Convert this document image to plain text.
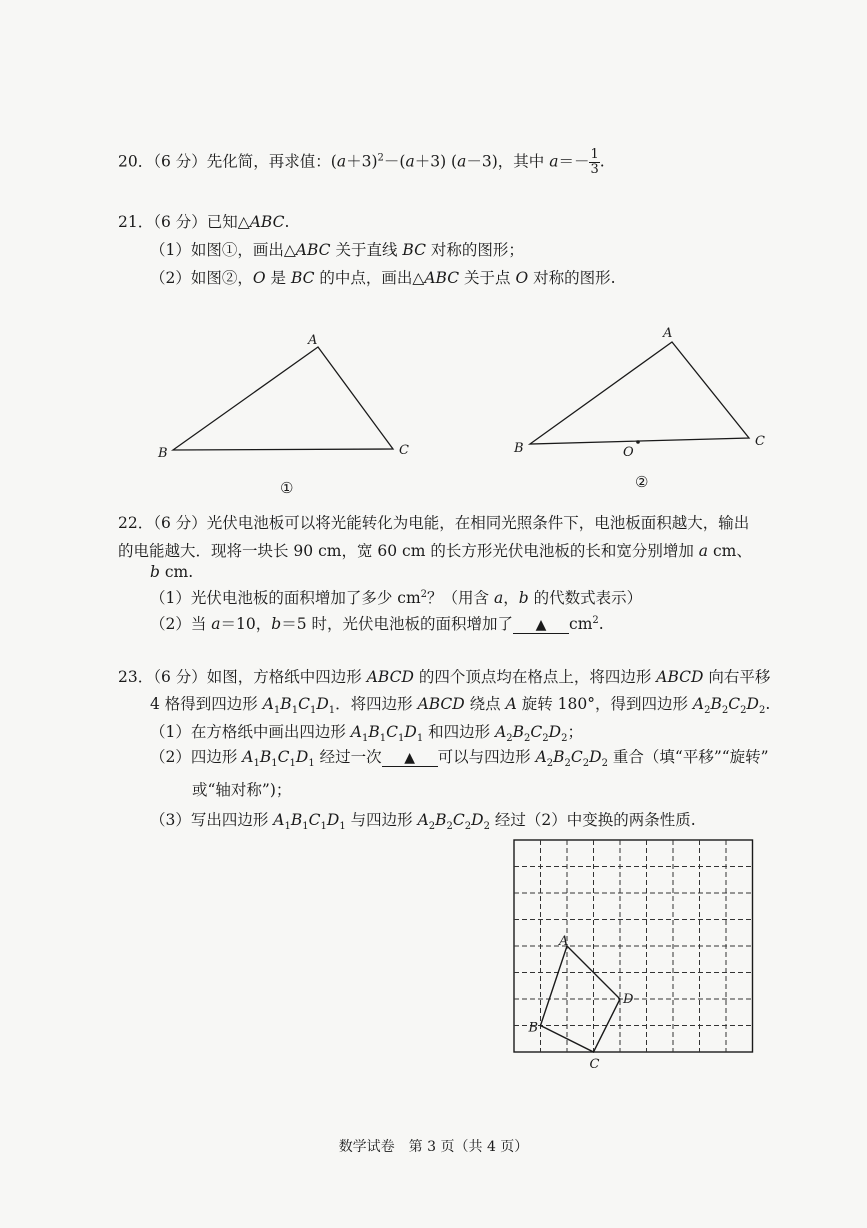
20．（6 分）先化简，再求值：$(a+3)^2-(a+3)$ (a－3)，其中 $a=- \frac{1}{3}$ .
21．（6 分）已知△ABC.
（1）如图①，画出△ABC 关于直线 BC 对称的图形；
（2）如图②，O 是 BC 的中点，画出△ABC 关于点 O 对称的图形.
A
B	C
①
A
B	C
O
②
22．（6 分）光伏电池板可以将光能转化为电能，在相同光照条件下，电池板面积越大，输出
的电能越大．现将一块长 90 cm，宽 60 cm 的长方形光伏电池板的长和宽分别增加 a cm、
b cm.
（1）光伏电池板的面积增加了多少 $cm^2$？（用含 a，b 的代数式表示）
（2）当 a＝10，b＝5 时，光伏电池板的面积增加了 ▲ $cm^2$.
23．（6 分）如图，方格纸中四边形 ABCD 的四个顶点均在格点上，将四边形 ABCD 向右平移
4 格得到四边形 $A_1B_1C_1D_1$．将四边形 ABCD 绕点 A 旋转 180°，得到四边形 $A_2B_2C_2D_2$.
（1）在方格纸中画出四边形 $A_1B_1C_1D_1$ 和四边形 $A_2B_2C_2D_2$；
（2）四边形 $A_1B_1C_1D_1$ 经过一次 ▲ 可以与四边形 $A_2B_2C_2D_2$ 重合（填“平移”“旋转”
或“轴对称”)；
（3）写出四边形 $A_1B_1C_1D_1$ 与四边形 $A_2B_2C_2D_2$ 经过（2）中变换的两条性质.
A
B
C
D
数学试卷　第 3 页（共 4 页）
